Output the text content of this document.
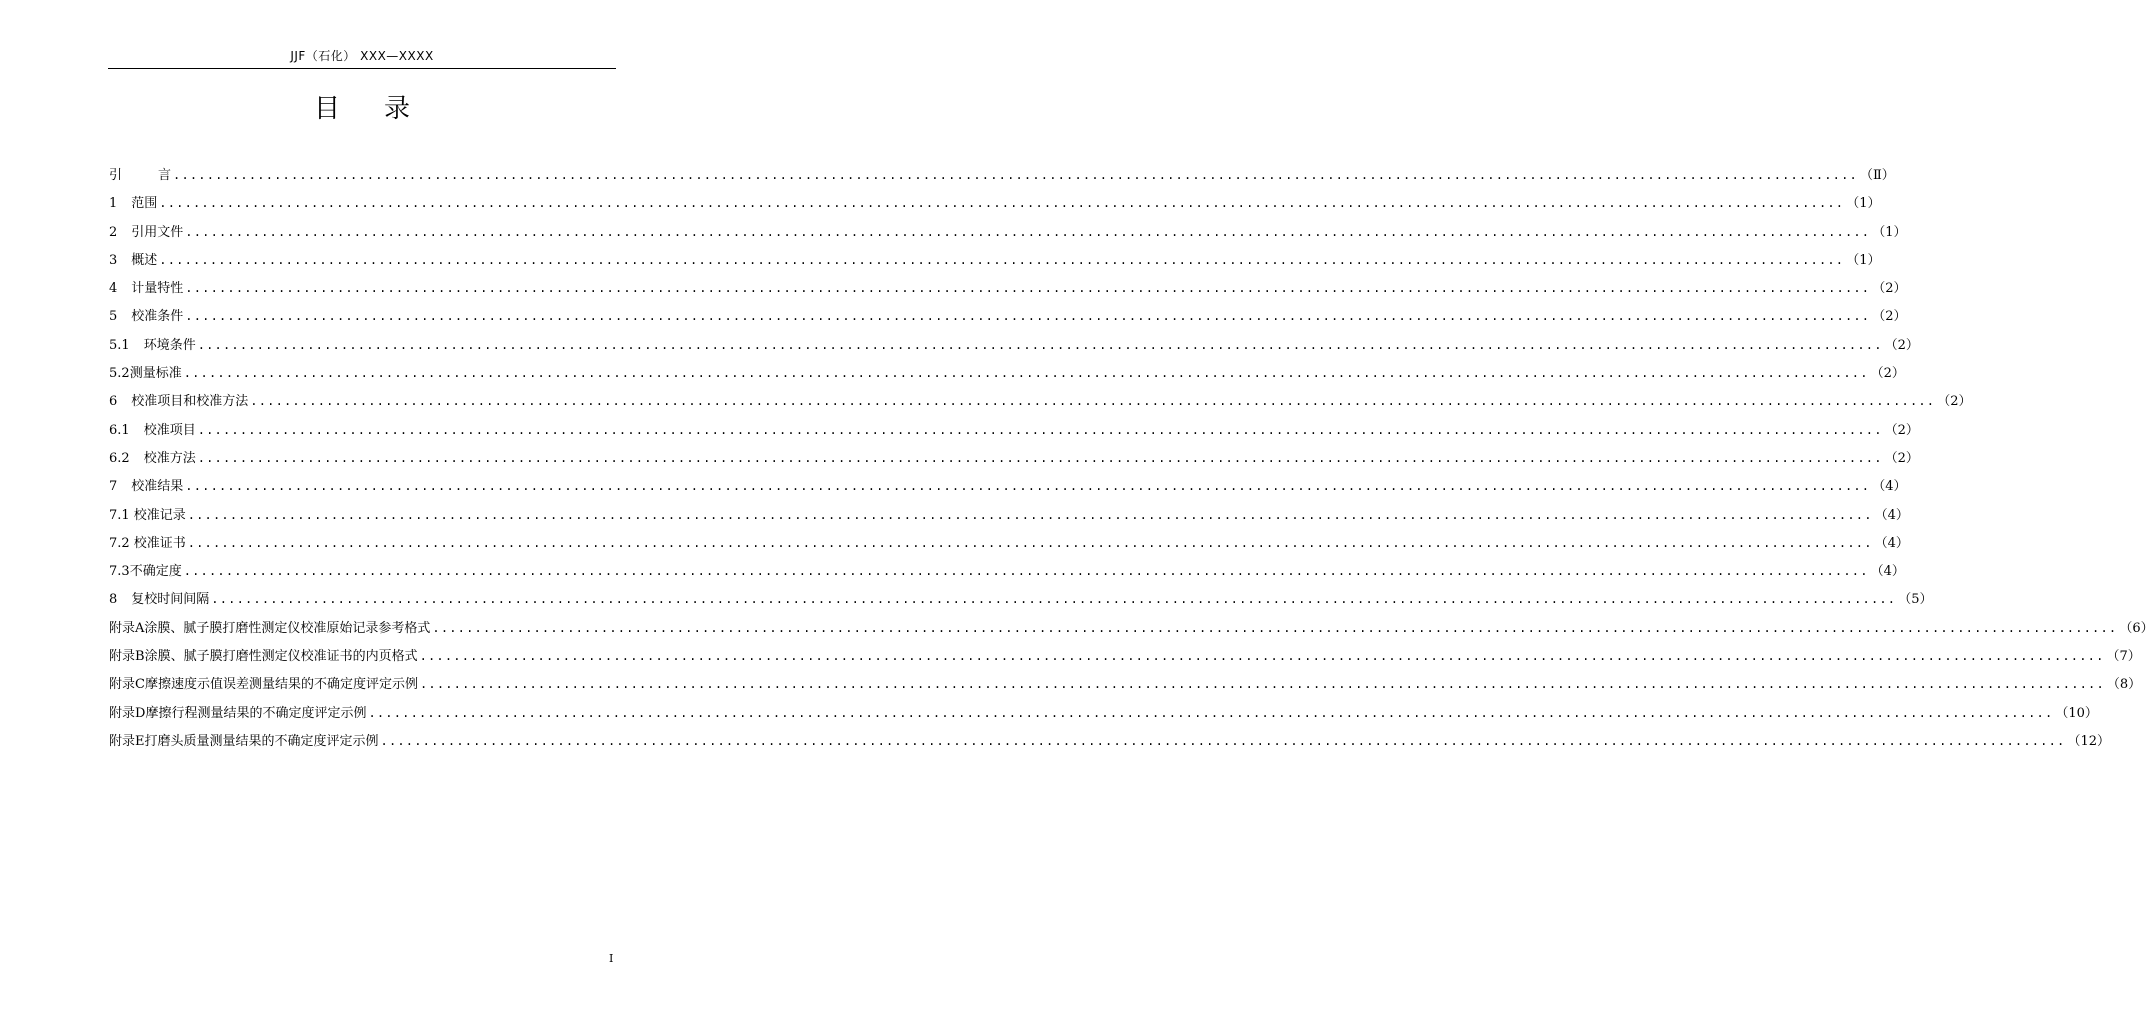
JJF（石化） XXX—XXXX
目录
引	言 ........................................................................................................................................................................................................ （Ⅱ）
1 范围 ........................................................................................................................................................................................................ （1）
2 引用文件 ........................................................................................................................................................................................................ （1）
3 概述 ........................................................................................................................................................................................................ （1）
4 计量特性 ........................................................................................................................................................................................................ （2）
5 校准条件 ........................................................................................................................................................................................................ （2）
5.1 环境条件 ........................................................................................................................................................................................................ （2）
5.2 测量标准 ........................................................................................................................................................................................................ （2）
6 校准项目和校准方法 ........................................................................................................................................................................................................ （2）
6.1 校准项目 ........................................................................................................................................................................................................ （2）
6.2 校准方法 ........................................................................................................................................................................................................ （2）
7 校准结果 ........................................................................................................................................................................................................ （4）
7.1 校准记录 ........................................................................................................................................................................................................ （4）
7.2 校准证书 ........................................................................................................................................................................................................ （4）
7.3 不确定度 ........................................................................................................................................................................................................ （4）
8 复校时间间隔 ........................................................................................................................................................................................................ （5）
附录A 涂膜、腻子膜打磨性测定仪校准原始记录参考格式 ........................................................................................................................................................................................................ （6）
附录B 涂膜、腻子膜打磨性测定仪校准证书的内页格式 ........................................................................................................................................................................................................ （7）
附录C 摩擦速度示值误差测量结果的不确定度评定示例 ........................................................................................................................................................................................................ （8）
附录D 摩擦行程测量结果的不确定度评定示例 ........................................................................................................................................................................................................ （10）
附录E 打磨头质量测量结果的不确定度评定示例 ........................................................................................................................................................................................................ （12）
I
